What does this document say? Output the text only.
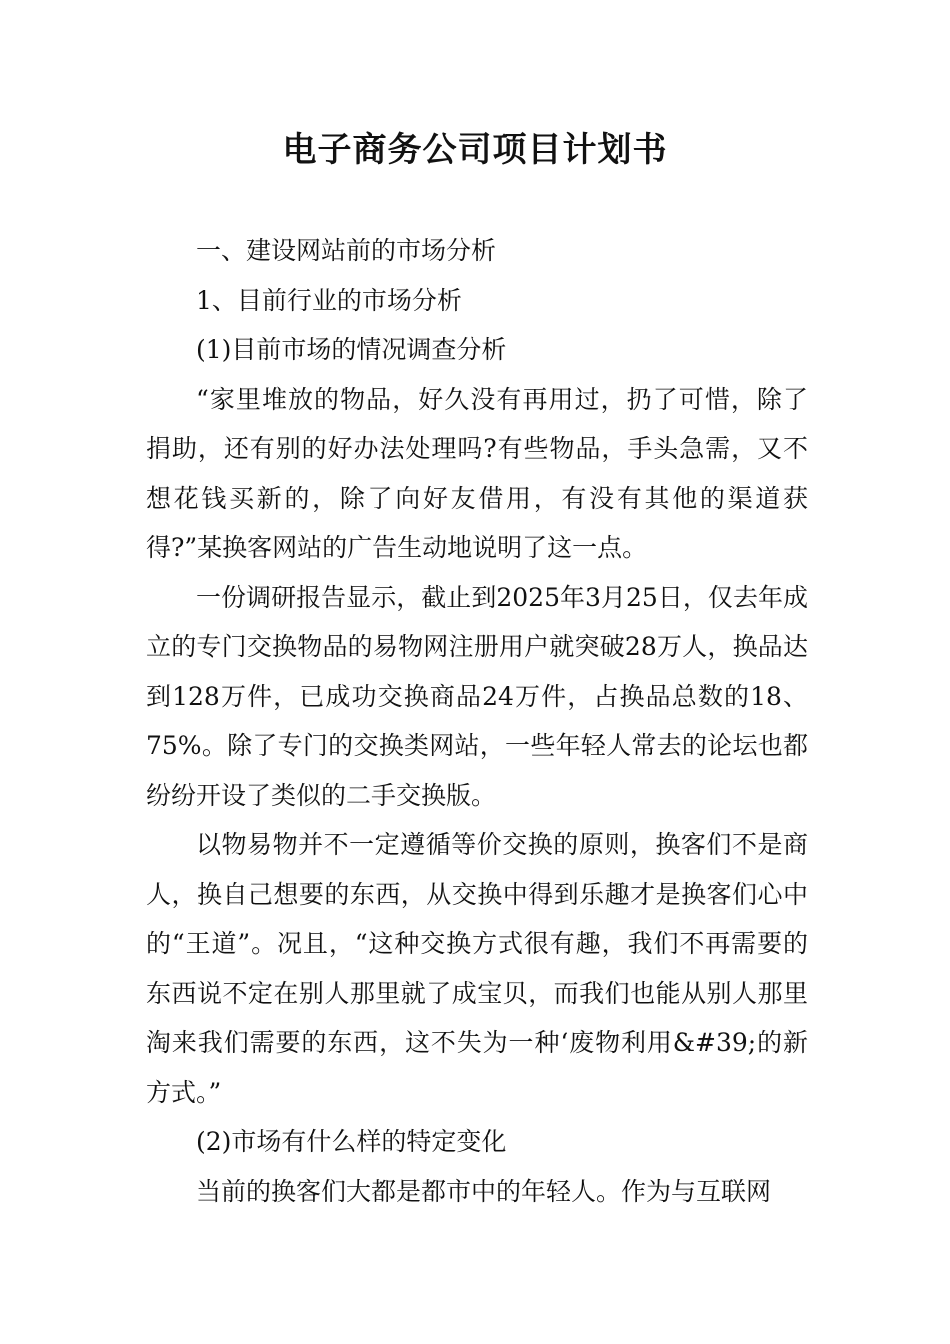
电子商务公司项目计划书

一、建设网站前的市场分析

1、目前行业的市场分析

(1)目前市场的情况调查分析

“家里堆放的物品，好久没有再用过，扔了可惜，除了捐助，还有别的好办法处理吗?有些物品，手头急需，又不想花钱买新的，除了向好友借用，有没有其他的渠道获得?”某换客网站的广告生动地说明了这一点。

一份调研报告显示，截止到2025年3月25日，仅去年成立的专门交换物品的易物网注册用户就突破28万人，换品达到128万件，已成功交换商品24万件，占换品总数的18、75%。除了专门的交换类网站，一些年轻人常去的论坛也都纷纷开设了类似的二手交换版。

以物易物并不一定遵循等价交换的原则，换客们不是商人，换自己想要的东西，从交换中得到乐趣才是换客们心中的“王道”。况且，“这种交换方式很有趣，我们不再需要的东西说不定在别人那里就了成宝贝，而我们也能从别人那里淘来我们需要的东西，这不失为一种‘废物利用&#39;的新方式。”

(2)市场有什么样的特定变化

当前的换客们大都是都市中的年轻人。作为与互联网
